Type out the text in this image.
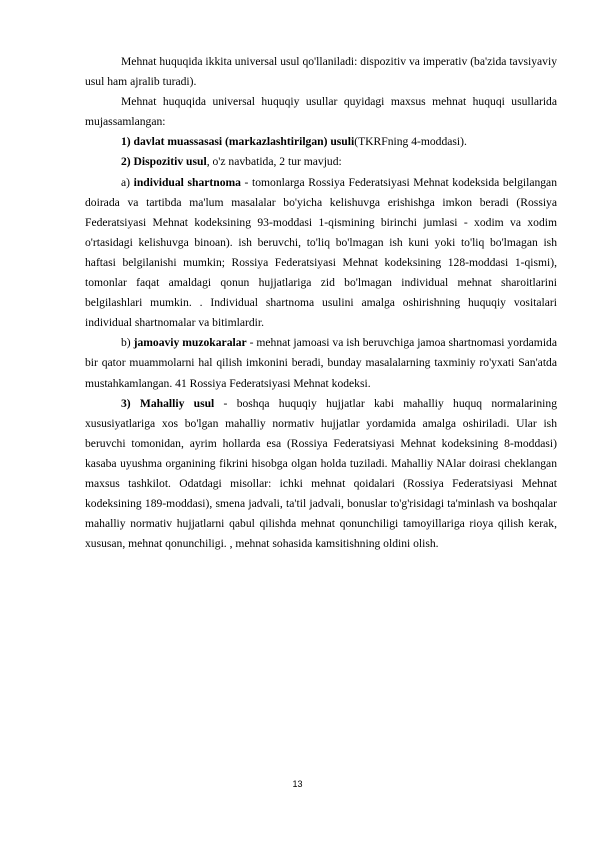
Mehnat huquqida ikkita universal usul qo'llaniladi: dispozitiv va imperativ (ba'zida tavsiyaviy usul ham ajralib turadi).

Mehnat huquqida universal huquqiy usullar quyidagi maxsus mehnat huquqi usullarida mujassamlangan:

1) davlat muassasasi (markazlashtirilgan) usuli(TKRFning 4-moddasi).

2) Dispozitiv usul, o'z navbatida, 2 tur mavjud:

a) individual shartnoma - tomonlarga Rossiya Federatsiyasi Mehnat kodeksida belgilangan doirada va tartibda ma'lum masalalar bo'yicha kelishuvga erishishga imkon beradi (Rossiya Federatsiyasi Mehnat kodeksining 93-moddasi 1-qismining birinchi jumlasi - xodim va xodim o'rtasidagi kelishuvga binoan). ish beruvchi, to'liq bo'lmagan ish kuni yoki to'liq bo'lmagan ish haftasi belgilanishi mumkin; Rossiya Federatsiyasi Mehnat kodeksining 128-moddasi 1-qismi), tomonlar faqat amaldagi qonun hujjatlariga zid bo'lmagan individual mehnat sharoitlarini belgilashlari mumkin. . Individual shartnoma usulini amalga oshirishning huquqiy vositalari individual shartnomalar va bitimlardir.

b) jamoaviy muzokaralar - mehnat jamoasi va ish beruvchiga jamoa shartnomasi yordamida bir qator muammolarni hal qilish imkonini beradi, bunday masalalarning taxminiy ro'yxati San'atda mustahkamlangan. 41 Rossiya Federatsiyasi Mehnat kodeksi.

3) Mahalliy usul - boshqa huquqiy hujjatlar kabi mahalliy huquq normalarining xususiyatlariga xos bo'lgan mahalliy normativ hujjatlar yordamida amalga oshiriladi. Ular ish beruvchi tomonidan, ayrim hollarda esa (Rossiya Federatsiyasi Mehnat kodeksining 8-moddasi) kasaba uyushma organining fikrini hisobga olgan holda tuziladi. Mahalliy NAlar doirasi cheklangan maxsus tashkilot. Odatdagi misollar: ichki mehnat qoidalari (Rossiya Federatsiyasi Mehnat kodeksining 189-moddasi), smena jadvali, ta'til jadvali, bonuslar to'g'risidagi ta'minlash va boshqalar mahalliy normativ hujjatlarni qabul qilishda mehnat qonunchiligi tamoyillariga rioya qilish kerak, xususan, mehnat qonunchiligi. , mehnat sohasida kamsitishning oldini olish.

13
